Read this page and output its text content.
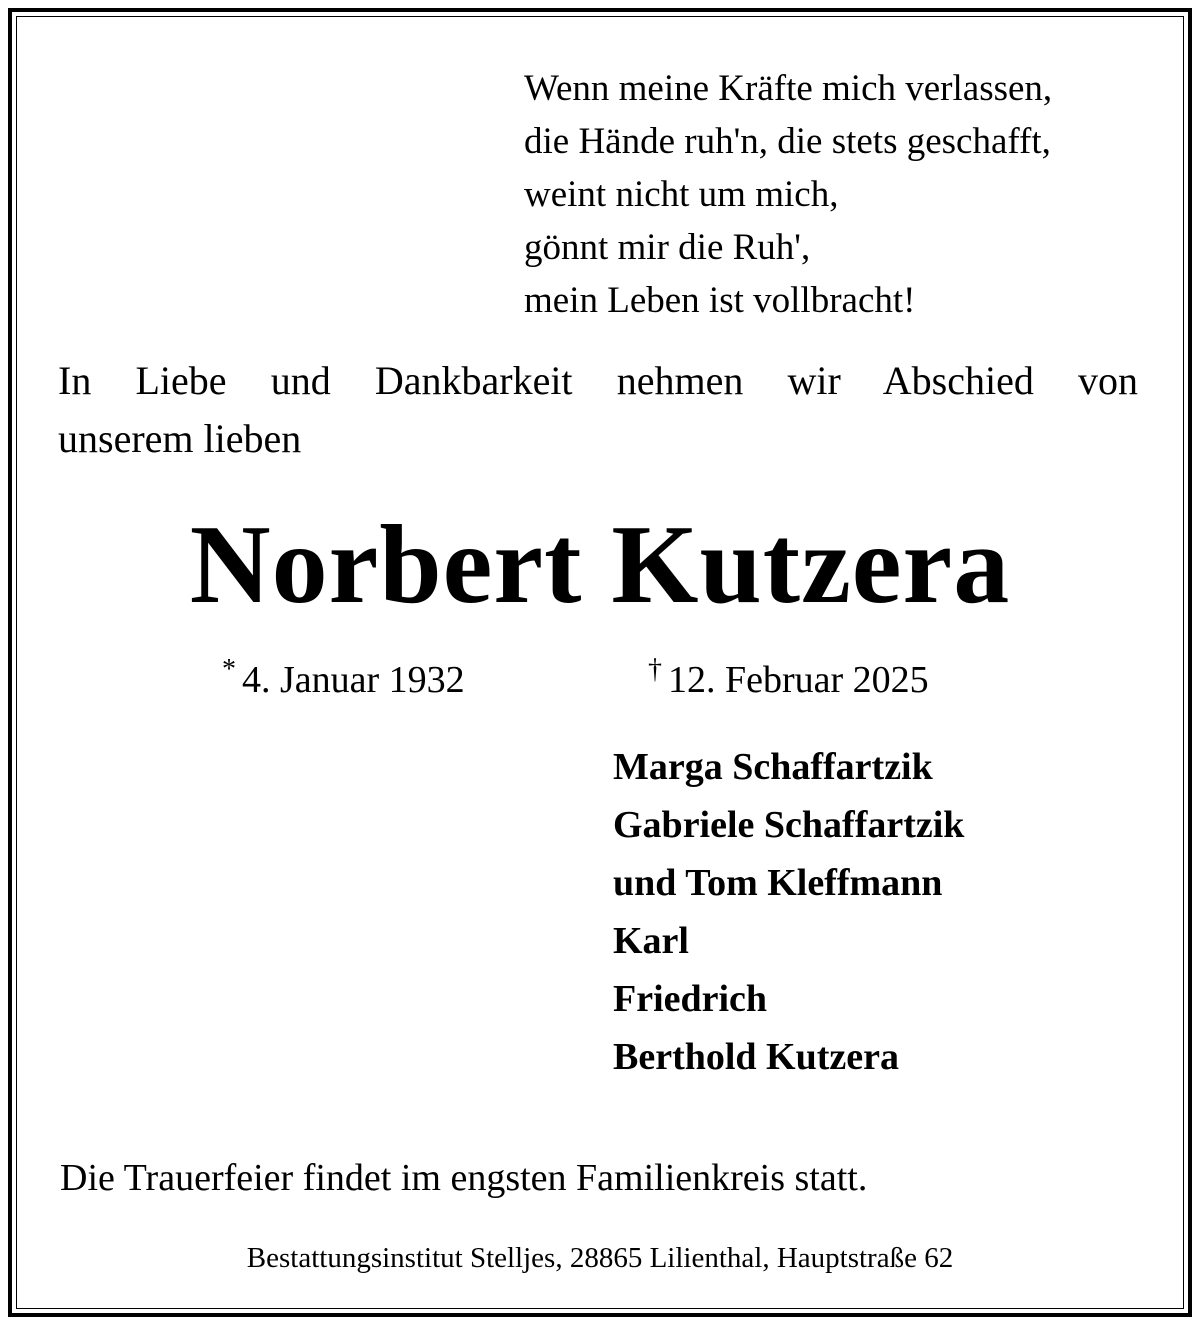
Wenn meine Kräfte mich verlassen,
die Hände ruh'n, die stets geschafft,
weint nicht um mich,
gönnt mir die Ruh',
mein Leben ist vollbracht!
In Liebe und Dankbarkeit nehmen wir Abschied von
unserem lieben
Norbert Kutzera
* 4. Januar 1932	† 12. Februar 2025
Marga Schaffartzik
Gabriele Schaffartzik
und Tom Kleffmann
Karl
Friedrich
Berthold Kutzera
Die Trauerfeier findet im engsten Familienkreis statt.
Bestattungsinstitut Stelljes, 28865 Lilienthal, Hauptstraße 62
